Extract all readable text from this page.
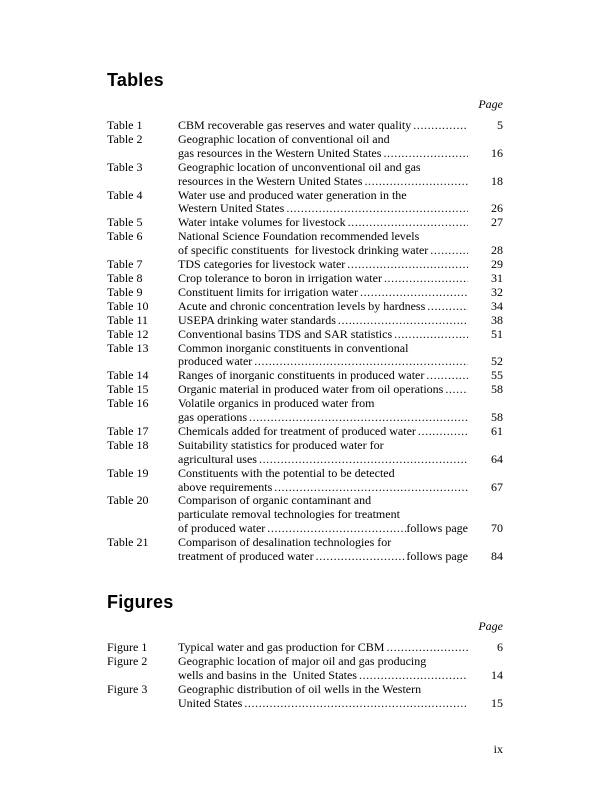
Tables
Page
Table 1	CBM recoverable gas reserves and water quality .....	5
Table 2	Geographic location of conventional oil and
gas resources in the Western United States .....	16
Table 3	Geographic location of unconventional oil and gas
resources in the Western United States .....	18
Table 4	Water use and produced water generation in the
Western United States .....	26
Table 5	Water intake volumes for livestock .....	27
Table 6	National Science Foundation recommended levels
of specific constituents  for livestock drinking water .....	28
Table 7	TDS categories for livestock water .....	29
Table 8	Crop tolerance to boron in irrigation water .....	31
Table 9	Constituent limits for irrigation water .....	32
Table 10	Acute and chronic concentration levels by hardness .....	34
Table 11	USEPA drinking water standards .....	38
Table 12	Conventional basins TDS and SAR statistics .....	51
Table 13	Common inorganic constituents in conventional
produced water .....	52
Table 14	Ranges of inorganic constituents in produced water .....	55
Table 15	Organic material in produced water from oil operations .....	58
Table 16	Volatile organics in produced water from
gas operations .....	58
Table 17	Chemicals added for treatment of produced water .....	61
Table 18	Suitability statistics for produced water for
agricultural uses .....	64
Table 19	Constituents with the potential to be detected
above requirements .....	67
Table 20	Comparison of organic contaminant and
particulate removal technologies for treatment
of produced water .....	follows page	70
Table 21	Comparison of desalination technologies for
treatment of produced water .....	follows page	84
Figures
Page
Figure 1	Typical water and gas production for CBM .....	6
Figure 2	Geographic location of major oil and gas producing
wells and basins in the  United States .....	14
Figure 3	Geographic distribution of oil wells in the Western
United States .....	15
ix
